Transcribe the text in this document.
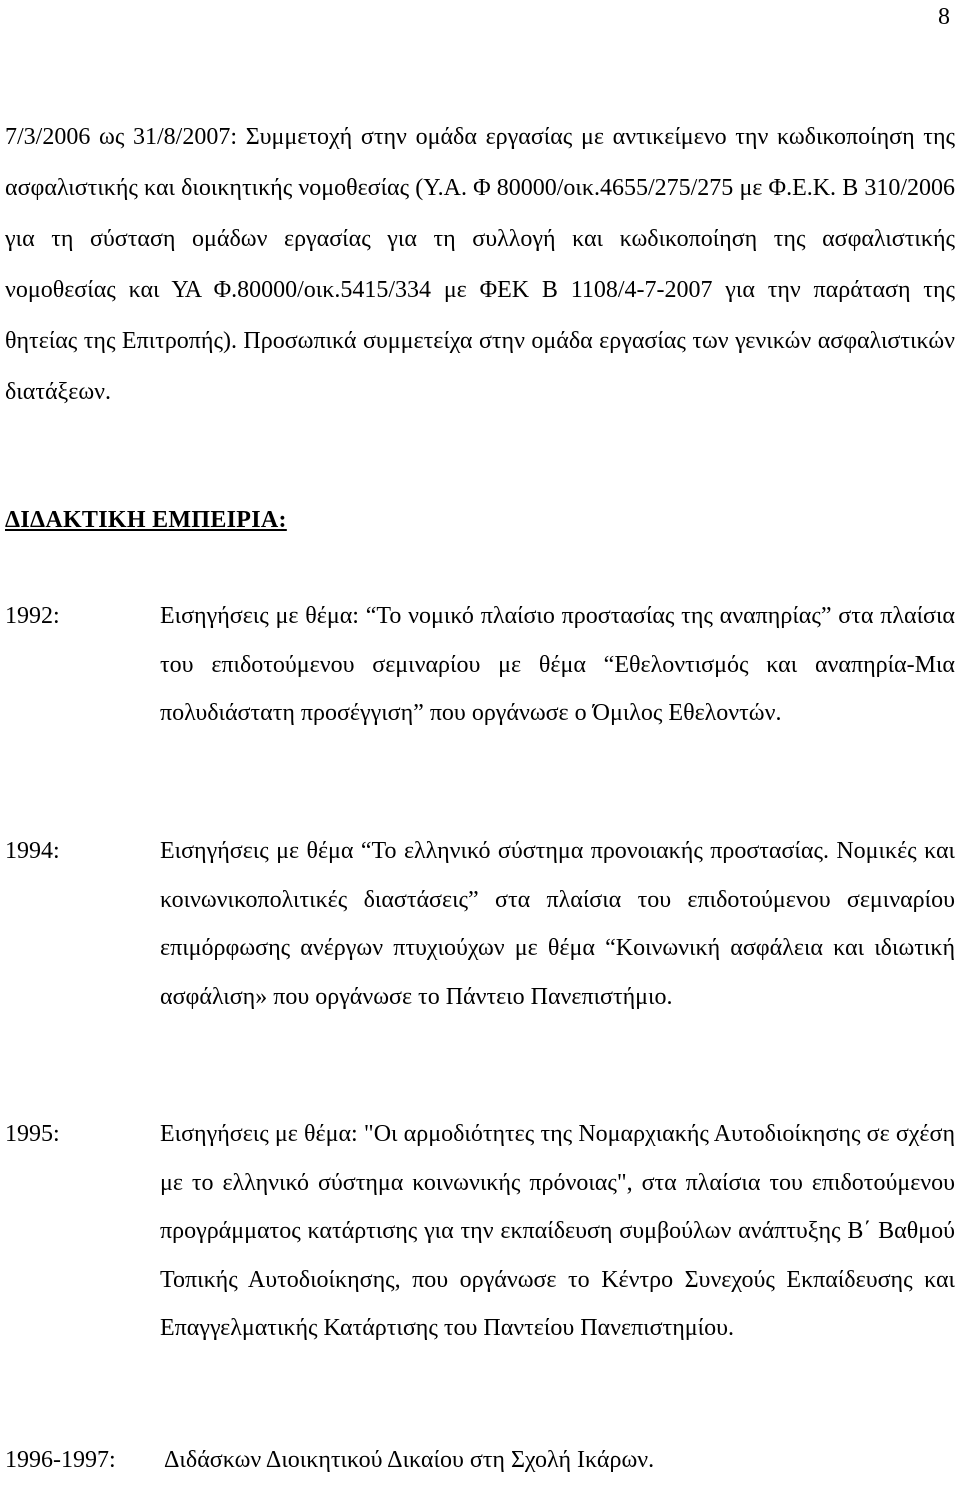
8

7/3/2006 ως 31/8/2007: Συμμετοχή στην ομάδα εργασίας με αντικείμενο την κωδικοποίηση της ασφαλιστικής και διοικητικής νομοθεσίας (Υ.Α. Φ 80000/οικ.4655/275/275 με Φ.Ε.Κ. Β 310/2006 για τη σύσταση ομάδων εργασίας για τη συλλογή και κωδικοποίηση της ασφαλιστικής νομοθεσίας και ΥΑ Φ.80000/οικ.5415/334 με ΦΕΚ Β 1108/4-7-2007 για την παράταση της θητείας της Επιτροπής). Προσωπικά συμμετείχα στην ομάδα εργασίας των γενικών ασφαλιστικών διατάξεων.

ΔΙΔΑΚΤΙΚΗ ΕΜΠΕΙΡΙΑ:
1992:	Εισηγήσεις με θέμα: “Το νομικό πλαίσιο προστασίας της αναπηρίας” στα πλαίσια του επιδοτούμενου σεμιναρίου με θέμα “Εθελοντισμός και αναπηρία-Μια πολυδιάστατη προσέγγιση” που οργάνωσε ο Όμιλος Εθελοντών.
1994:	Εισηγήσεις με θέμα “Το ελληνικό σύστημα προνοιακής προστασίας. Νομικές και κοινωνικοπολιτικές διαστάσεις” στα πλαίσια του επιδοτούμενου σεμιναρίου επιμόρφωσης ανέργων πτυχιούχων με θέμα “Κοινωνική ασφάλεια και ιδιωτική ασφάλιση» που οργάνωσε το Πάντειο Πανεπιστήμιο.
1995:	Εισηγήσεις με θέμα: "Οι αρμοδιότητες της Νομαρχιακής Αυτοδιοίκησης σε σχέση με το ελληνικό σύστημα κοινωνικής πρόνοιας", στα πλαίσια του επιδοτούμενου προγράμματος κατάρτισης για την εκπαίδευση συμβούλων ανάπτυξης Β΄ Βαθμού Τοπικής Αυτοδιοίκησης, που οργάνωσε το Κέντρο Συνεχούς Εκπαίδευσης και Επαγγελματικής Κατάρτισης του Παντείου Πανεπιστημίου.
1996-1997: Διδάσκων Διοικητικού Δικαίου στη Σχολή Ικάρων.
